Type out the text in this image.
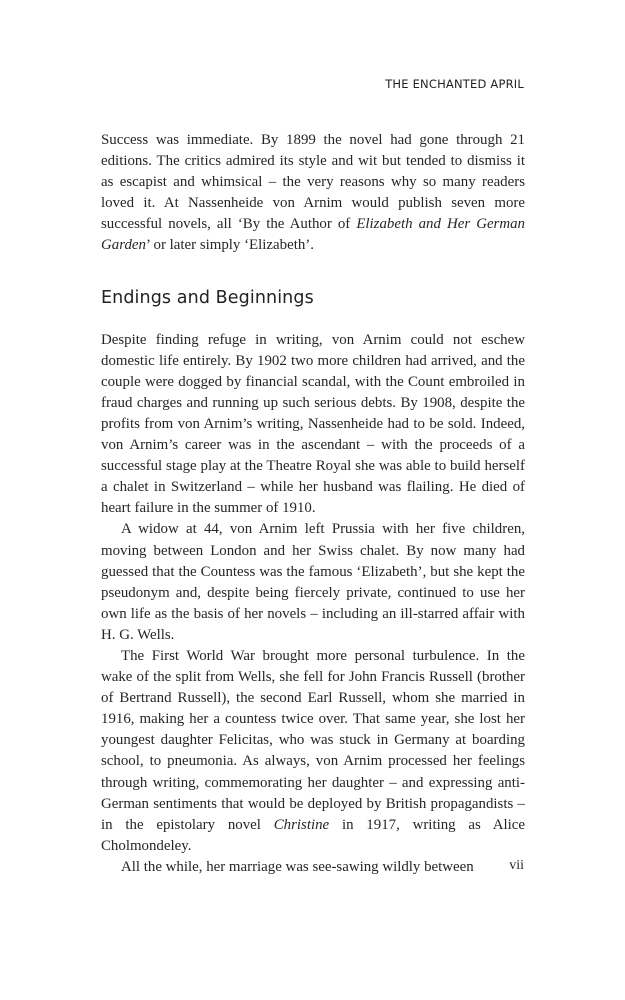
THE ENCHANTED APRIL

Success was immediate. By 1899 the novel had gone through 21 editions. The critics admired its style and wit but tended to dismiss it as escapist and whimsical – the very reasons why so many readers loved it. At Nassenheide von Arnim would publish seven more successful novels, all ‘By the Author of Elizabeth and Her German Garden’ or later simply ‘Elizabeth’.

Endings and Beginnings

Despite finding refuge in writing, von Arnim could not eschew domestic life entirely. By 1902 two more children had arrived, and the couple were dogged by financial scandal, with the Count embroiled in fraud charges and running up such serious debts. By 1908, despite the profits from von Arnim’s writing, Nassenheide had to be sold. Indeed, von Arnim’s career was in the ascendant – with the proceeds of a successful stage play at the Theatre Royal she was able to build herself a chalet in Switzerland – while her husband was flailing. He died of heart failure in the summer of 1910.

A widow at 44, von Arnim left Prussia with her five children, moving between London and her Swiss chalet. By now many had guessed that the Countess was the famous ‘Elizabeth’, but she kept the pseudonym and, despite being fiercely private, continued to use her own life as the basis of her novels – including an ill-starred affair with H. G. Wells.

The First World War brought more personal turbulence. In the wake of the split from Wells, she fell for John Francis Russell (brother of Bertrand Russell), the second Earl Russell, whom she married in 1916, making her a countess twice over. That same year, she lost her youngest daughter Felicitas, who was stuck in Germany at boarding school, to pneumonia. As always, von Arnim processed her feelings through writing, commemorating her daughter – and expressing anti-German sentiments that would be deployed by British propagandists – in the epistolary novel Christine in 1917, writing as Alice Cholmondeley.

All the while, her marriage was see-sawing wildly between	vii
